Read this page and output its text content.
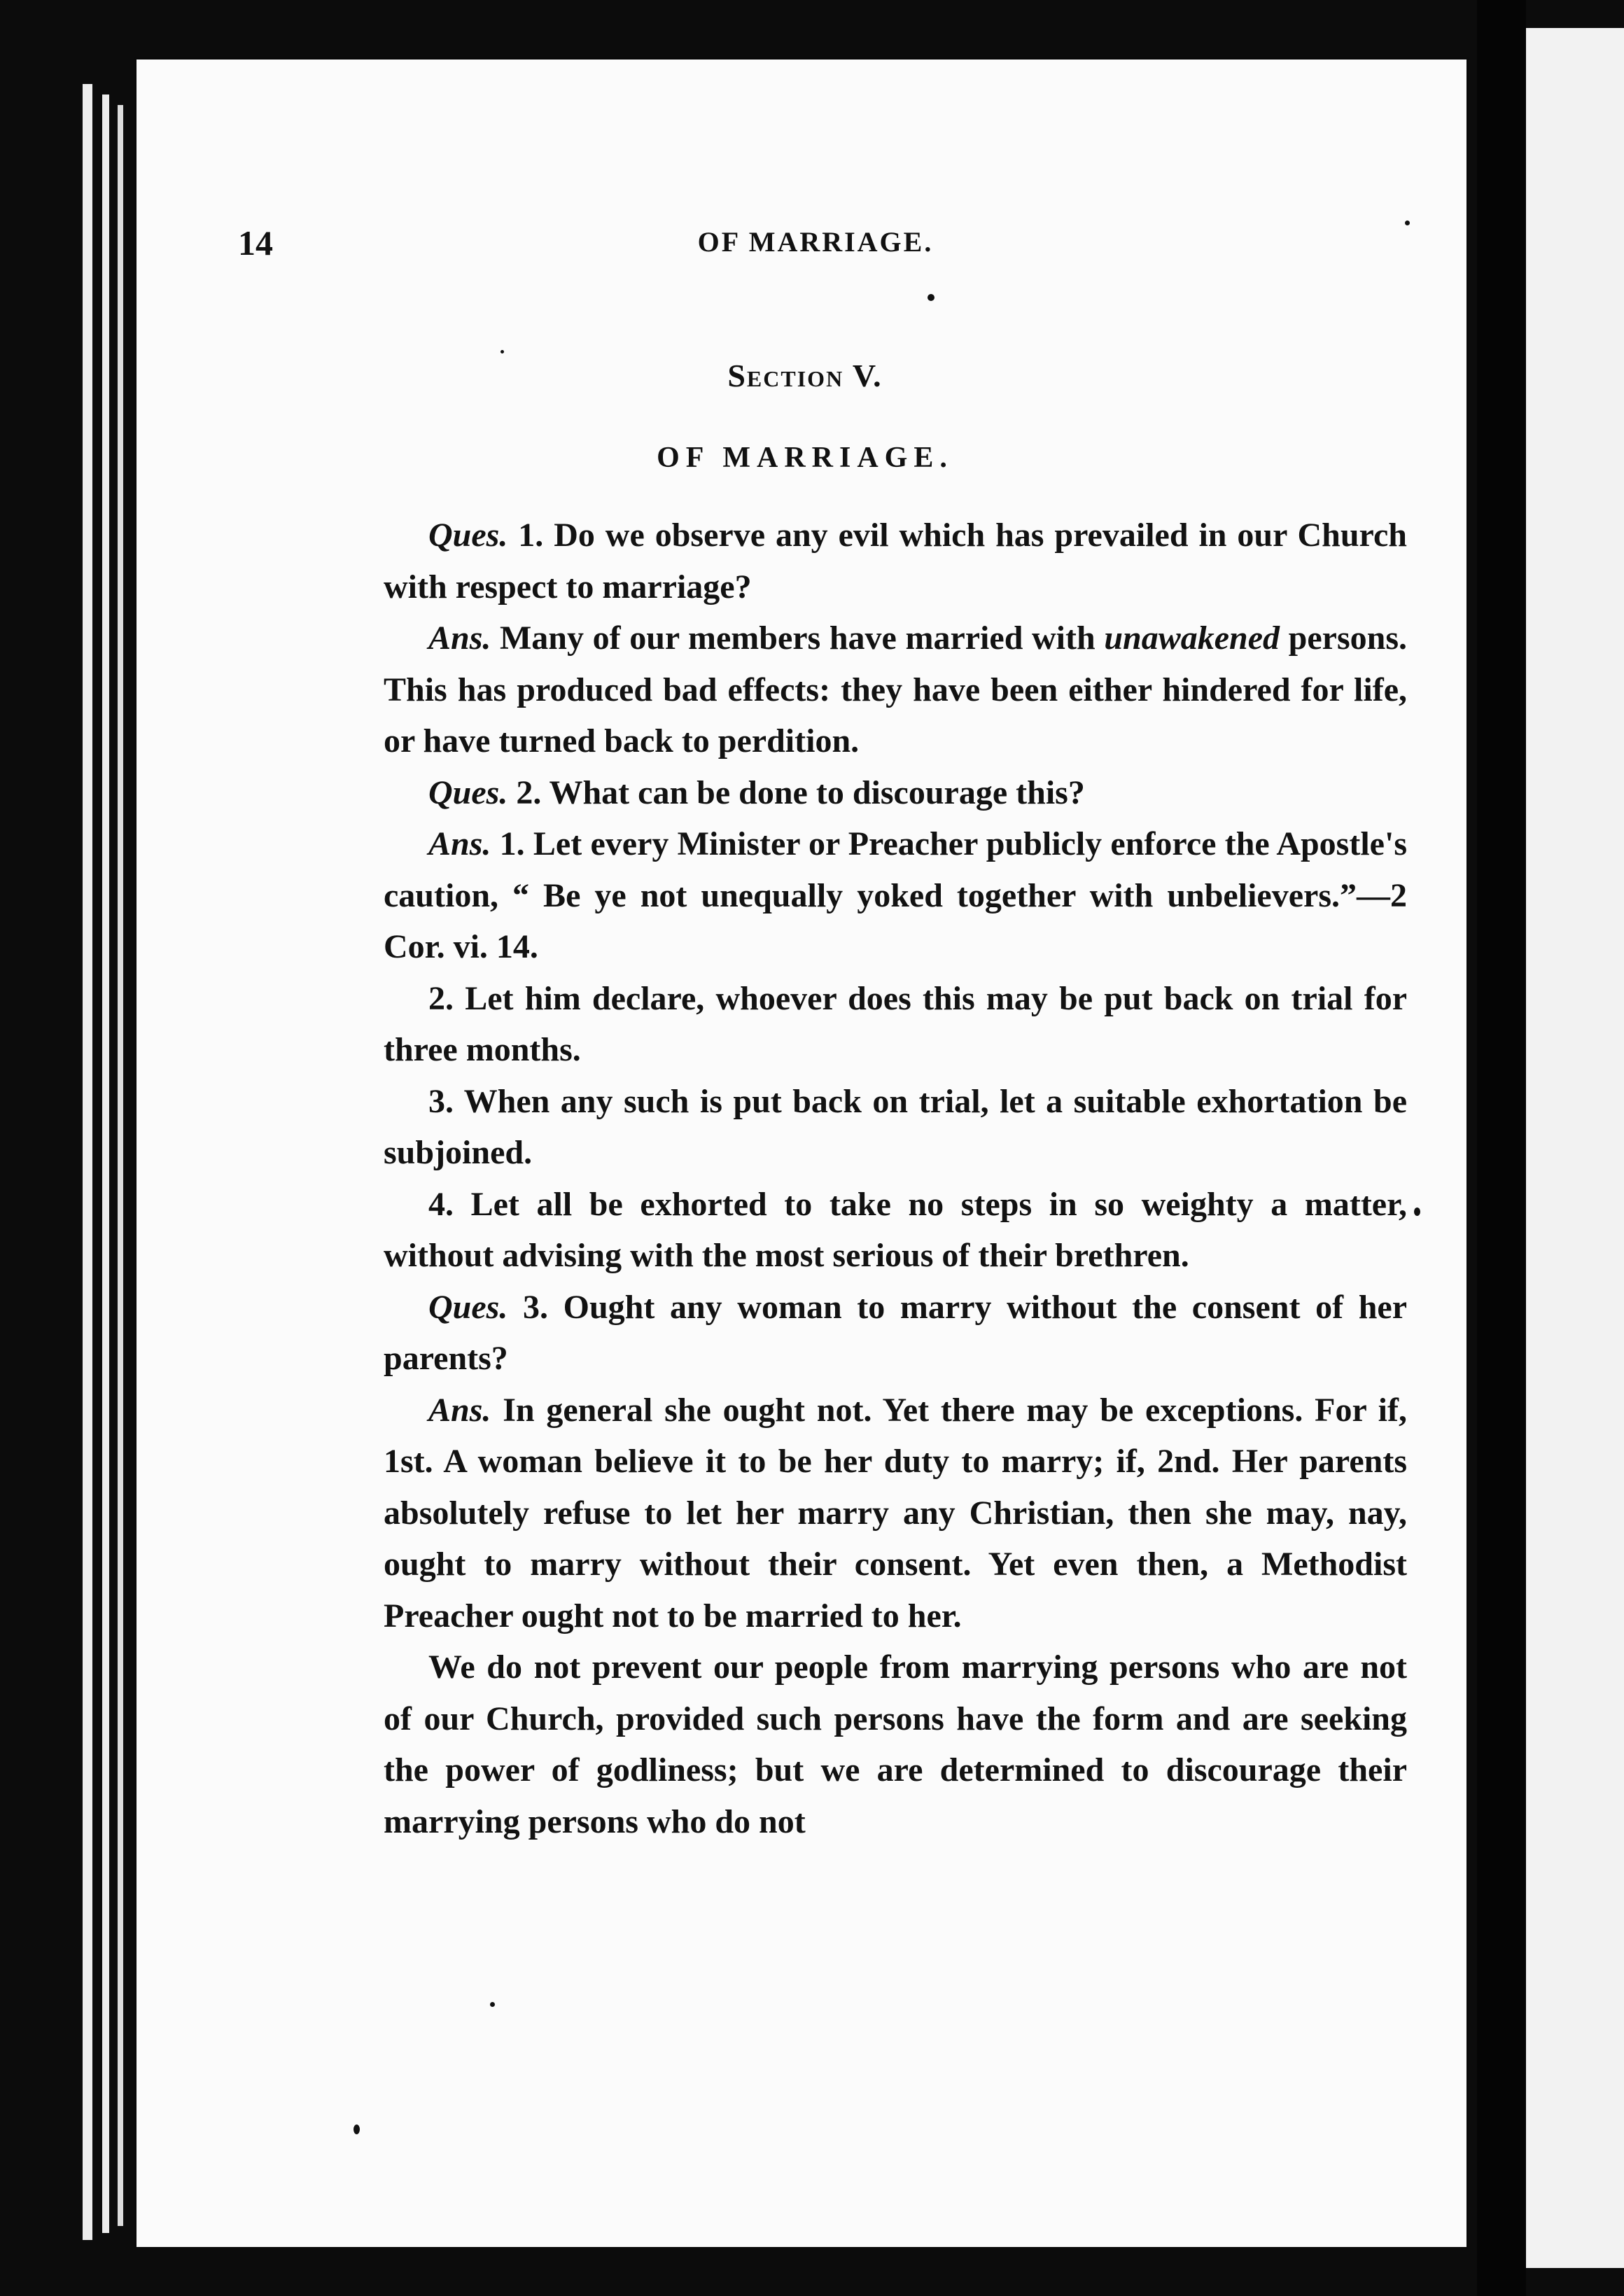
14	OF MARRIAGE.
Section V.
OF MARRIAGE.

Ques. 1. Do we observe any evil which has prevailed in our Church with respect to marriage?

Ans. Many of our members have married with unawakened persons. This has produced bad effects: they have been either hindered for life, or have turned back to perdition.

Ques. 2. What can be done to discourage this?

Ans. 1. Let every Minister or Preacher publicly enforce the Apostle's caution, “ Be ye not unequally yoked together with unbelievers.”—2 Cor. vi. 14.

2. Let him declare, whoever does this may be put back on trial for three months.

3. When any such is put back on trial, let a suitable exhortation be subjoined.

4. Let all be exhorted to take no steps in so weighty a matter, without advising with the most serious of their brethren.

Ques. 3. Ought any woman to marry without the consent of her parents?

Ans. In general she ought not. Yet there may be exceptions. For if, 1st. A woman believe it to be her duty to marry; if, 2nd. Her parents absolutely refuse to let her marry any Christian, then she may, nay, ought to marry without their consent. Yet even then, a Methodist Preacher ought not to be married to her.

We do not prevent our people from marrying persons who are not of our Church, provided such persons have the form and are seeking the power of godliness; but we are determined to discourage their marrying persons who do not
